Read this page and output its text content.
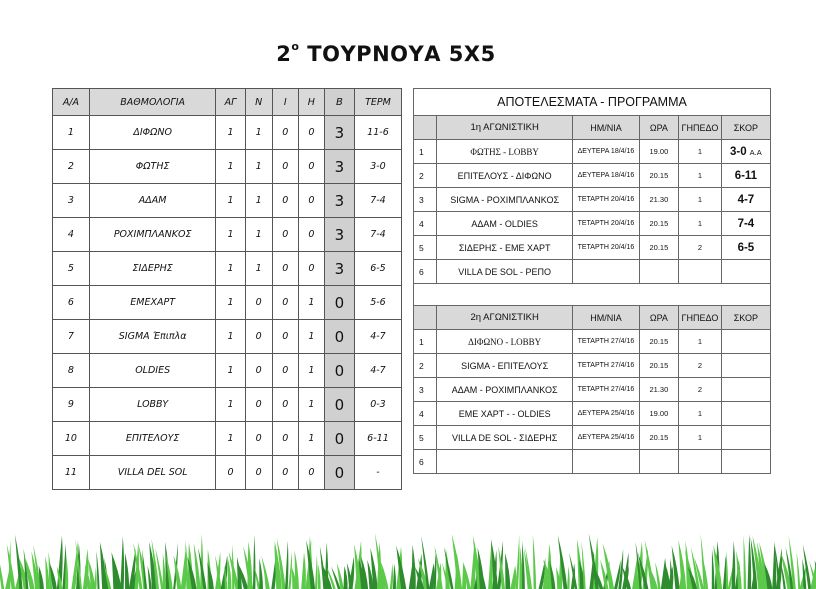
$2^o$ ΤΟΥΡΝΟΥΑ 5Χ5
Α/Α	ΒΑΘΜΟΛΟΓΙΑ	ΑΓ	Ν	Ι	Η	Β	ΤΕΡΜ
1	ΔΙΦΩΝΟ	1	1	0	0	3	11-6
2	ΦΩΤΗΣ	1	1	0	0	3	3-0
3	ΑΔΑΜ	1	1	0	0	3	7-4
4	ΡΟΧΙΜΠΛΑΝΚΟΣ	1	1	0	0	3	7-4
5	ΣΙΔΕΡΗΣ	1	1	0	0	3	6-5
6	ΕΜΕΧΑΡΤ	1	0	0	1	0	5-6
7	SIGMA Έπιπλα	1	0	0	1	0	4-7
8	OLDIES	1	0	0	1	0	4-7
9	LOBBY	1	0	0	1	0	0-3
10	ΕΠΙΤΕΛΟΥΣ	1	0	0	1	0	6-11
11	VILLA DEL SOL	0	0	0	0	0	-
ΑΠΟΤΕΛΕΣΜΑΤΑ - ΠΡΟΓΡΑΜΜΑ					
	1η ΑΓΩΝΙΣΤΙΚΗ	ΗΜ/ΝΙΑ	ΩΡΑ	ΓΗΠΕΔΟ	ΣΚΟΡ
1	ΦΩΤΗΣ - LOBBY	ΔΕΥΤΕΡΑ 18/4/16	19.00	1	3-0 Α.Α
2	ΕΠΙΤΕΛΟΥΣ - ΔΙΦΩΝΟ	ΔΕΥΤΕΡΑ 18/4/16	20.15	1	6-11
3	SIGMA - ΡΟΧΙΜΠΛΑΝΚΟΣ	ΤΕΤΑΡΤΗ 20/4/16	21.30	1	4-7
4	ΑΔΑΜ - OLDIES	ΤΕΤΑΡΤΗ 20/4/16	20.15	1	7-4
5	ΣΙΔΕΡΗΣ - ΕΜΕ ΧΑΡΤ	ΤΕΤΑΡΤΗ 20/4/16	20.15	2	6-5
6	VILLA DE SOL - ΡΕΠΟ				

	2η ΑΓΩΝΙΣΤΙΚΗ	ΗΜ/ΝΙΑ	ΩΡΑ	ΓΗΠΕΔΟ	ΣΚΟΡ
1	ΔΙΦΩΝΟ - LOBBY	ΤΕΤΑΡΤΗ 27/4/16	20.15	1	
2	SIGMA - ΕΠΙΤΕΛΟΥΣ	ΤΕΤΑΡΤΗ 27/4/16	20.15	2	
3	ΑΔΑΜ - ΡΟΧΙΜΠΛΑΝΚΟΣ	ΤΕΤΑΡΤΗ 27/4/16	21.30	2	
4	ΕΜΕ ΧΑΡΤ - - OLDIES	ΔΕΥΤΕΡΑ 25/4/16	19.00	1	
5	VILLA DE SOL - ΣΙΔΕΡΗΣ	ΔΕΥΤΕΡΑ 25/4/16	20.15	1	
6					
